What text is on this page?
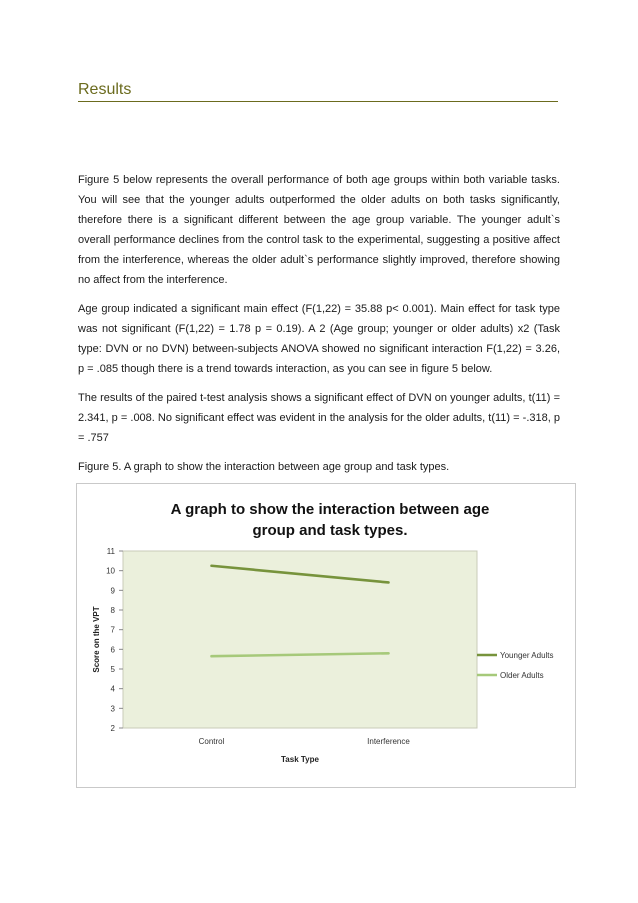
Results

Figure 5 below represents the overall performance of both age groups within both variable tasks. You will see that the younger adults outperformed the older adults on both tasks significantly, therefore there is a significant different between the age group variable. The younger adult`s overall performance declines from the control task to the experimental, suggesting a positive affect from the interference, whereas the older adult`s performance slightly improved, therefore showing no affect from the interference.

Age group indicated a significant main effect (F(1,22) = 35.88 p< 0.001). Main effect for task type was not significant (F(1,22) = 1.78 p = 0.19). A 2 (Age group; younger or older adults) x2 (Task type: DVN or no DVN) between-subjects ANOVA showed no significant interaction F(1,22) = 3.26, p = .085 though there is a trend towards interaction, as you can see in figure 5 below.

The results of the paired t-test analysis shows a significant effect of DVN on younger adults, t(11) = 2.341, p = .008. No significant effect was evident in the analysis for the older adults, t(11) = -.318, p = .757

Figure 5. A graph to show the interaction between age group and task types.

A graph to show the interaction between age
group and task types.
2
3
4
5
6
7
8
9
10
11
Control	Interference
Task Type
Score on the VPT	Younger Adults
Older Adults
